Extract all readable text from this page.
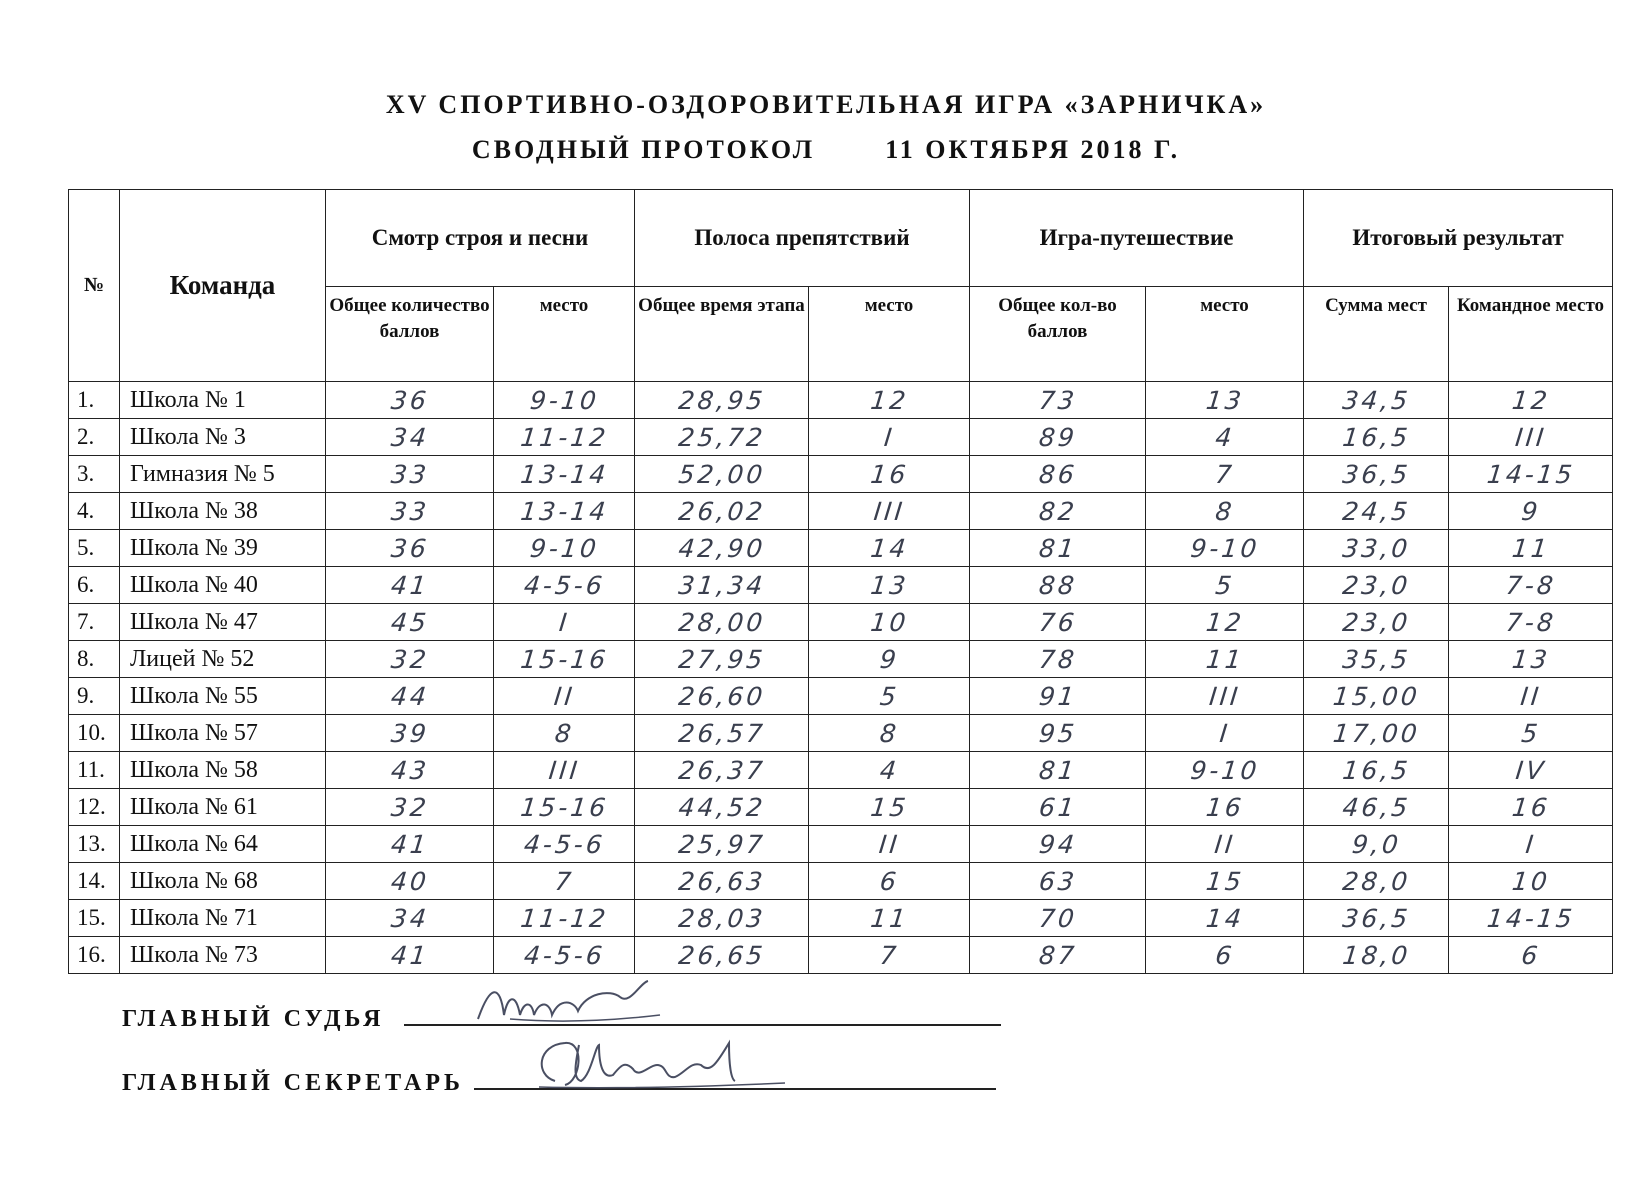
XV СПОРТИВНО-ОЗДОРОВИТЕЛЬНАЯ ИГРА «ЗАРНИЧКА»
СВОДНЫЙ ПРОТОКОЛ	11 ОКТЯБРЯ 2018 Г.
№	Команда	Смотр строя и песни		Полоса препятствий		Игра-путешествие		Итоговый результат	
		Общее количество баллов	место	Общее время этапа	место	Общее кол-во баллов	место	Сумма мест	Командное место
1.	Школа № 1	36	9-10	28,95	12	73	13	34,5	12
2.	Школа № 3	34	11-12	25,72	I	89	4	16,5	III
3.	Гимназия № 5	33	13-14	52,00	16	86	7	36,5	14-15
4.	Школа № 38	33	13-14	26,02	III	82	8	24,5	9
5.	Школа № 39	36	9-10	42,90	14	81	9-10	33,0	11
6.	Школа № 40	41	4-5-6	31,34	13	88	5	23,0	7-8
7.	Школа № 47	45	I	28,00	10	76	12	23,0	7-8
8.	Лицей № 52	32	15-16	27,95	9	78	11	35,5	13
9.	Школа № 55	44	II	26,60	5	91	III	15,00	II
10.	Школа № 57	39	8	26,57	8	95	I	17,00	5
11.	Школа № 58	43	III	26,37	4	81	9-10	16,5	IV
12.	Школа № 61	32	15-16	44,52	15	61	16	46,5	16
13.	Школа № 64	41	4-5-6	25,97	II	94	II	9,0	I
14.	Школа № 68	40	7	26,63	6	63	15	28,0	10
15.	Школа № 71	34	11-12	28,03	11	70	14	36,5	14-15
16.	Школа № 73	41	4-5-6	26,65	7	87	6	18,0	6
ГЛАВНЫЙ СУДЬЯ
ГЛАВНЫЙ СЕКРЕТАРЬ
